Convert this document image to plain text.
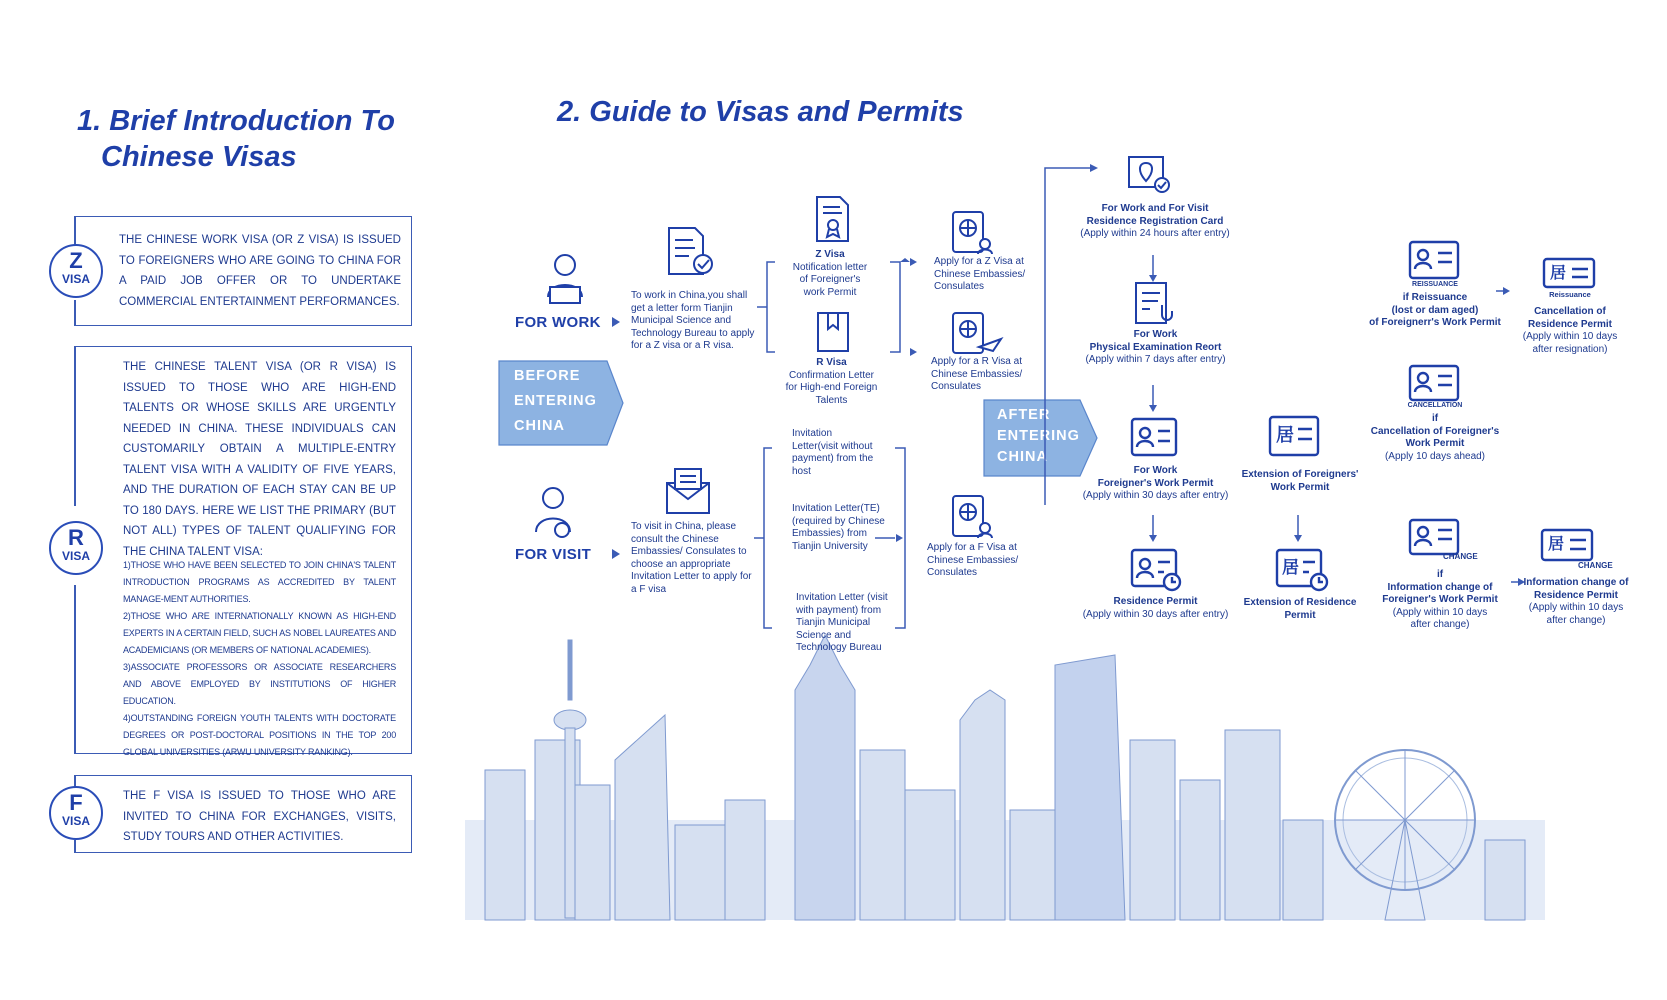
1. Brief Introduction To
Chinese Visas
Z
VISA
THE CHINESE WORK VISA (OR Z VISA) IS ISSUED TO FOREIGNERS WHO ARE GOING TO CHINA FOR A PAID JOB OFFER OR TO UNDERTAKE COMMERCIAL ENTERTAINMENT PERFORMANCES.
R
VISA
THE CHINESE TALENT VISA (OR R VISA) IS ISSUED TO THOSE WHO ARE HIGH-END TALENTS OR WHOSE SKILLS ARE URGENTLY NEEDED IN CHINA. THESE INDIVIDUALS CAN CUSTOMARILY OBTAIN A MULTIPLE-ENTRY TALENT VISA WITH A VALIDITY OF FIVE YEARS, AND THE DURATION OF EACH STAY CAN BE UP TO 180 DAYS. HERE WE LIST THE PRIMARY (BUT NOT ALL) TYPES OF TALENT QUALIFYING FOR THE CHINA TALENT VISA:
1)THOSE WHO HAVE BEEN SELECTED TO JOIN CHINA'S TALENT INTRODUCTION PROGRAMS AS ACCREDITED BY TALENT MANAGE-MENT AUTHORITIES.
2)THOSE WHO ARE INTERNATIONALLY KNOWN AS HIGH-END EXPERTS IN A CERTAIN FIELD, SUCH AS NOBEL LAUREATES AND ACADEMICIANS (OR MEMBERS OF NATIONAL ACADEMIES).
3)ASSOCIATE PROFESSORS OR ASSOCIATE RESEARCHERS AND ABOVE EMPLOYED BY INSTITUTIONS OF HIGHER EDUCATION.
4)OUTSTANDING FOREIGN YOUTH TALENTS WITH DOCTORATE DEGREES OR POST-DOCTORAL POSITIONS IN THE TOP 200 GLOBAL UNIVERSITIES (ARWU UNIVERSITY RANKING).
F
VISA
THE F VISA IS ISSUED TO THOSE WHO ARE INVITED TO CHINA FOR EXCHANGES, VISITS, STUDY TOURS AND OTHER ACTIVITIES.
2. Guide to Visas and Permits
BEFORE
ENTERING
CHINA
AFTER
ENTERING
CHINA
居
居
REISSUANCE
居
Reissuance
CANCELLATION
CHANGE
居
CHANGE
FOR WORK
FOR VISIT
To work in China,you shall get a letter form Tianjin Municipal Science and Technology Bureau to apply for a Z visa or a R visa.
Z Visa
Notification letter of Foreigner's work Permit
R Visa
Confirmation Letter for High-end Foreign Talents
Apply for a Z Visa at Chinese Embassies/ Consulates
Apply for a R Visa at Chinese Embassies/ Consulates
To visit in China, please consult the Chinese Embassies/ Consulates to choose an appropriate Invitation Letter to apply for a F visa
Invitation Letter(visit without payment) from the host
Invitation Letter(TE)(required by Chinese Embassies) from Tianjin University
Invitation Letter (visit with payment) from Tianjin Municipal Science and Technology Bureau
Apply for a F Visa at Chinese Embassies/ Consulates
For Work and For Visit
Residence Registration Card
(Apply within 24 hours after entry)
For Work
Physical Examination Reort
(Apply within 7 days after entry)
For Work
Foreigner's Work Permit
(Apply within 30 days after entry)
Residence Permit
(Apply within 30 days after entry)
Extension of Foreigners'
Work Permit
Extension of Residence
Permit
if Reissuance
(lost or dam aged)
of Foreignerr's Work Permit
Cancellation of
Residence Permit
(Apply within 10 days
after resignation)
if
Cancellation of Foreigner's
Work Permit
(Apply 10 days ahead)
if
Information change of
Foreigner's Work Permit
(Apply within 10 days
after change)
Information change of
Residence Permit
(Apply within 10 days
after change)
